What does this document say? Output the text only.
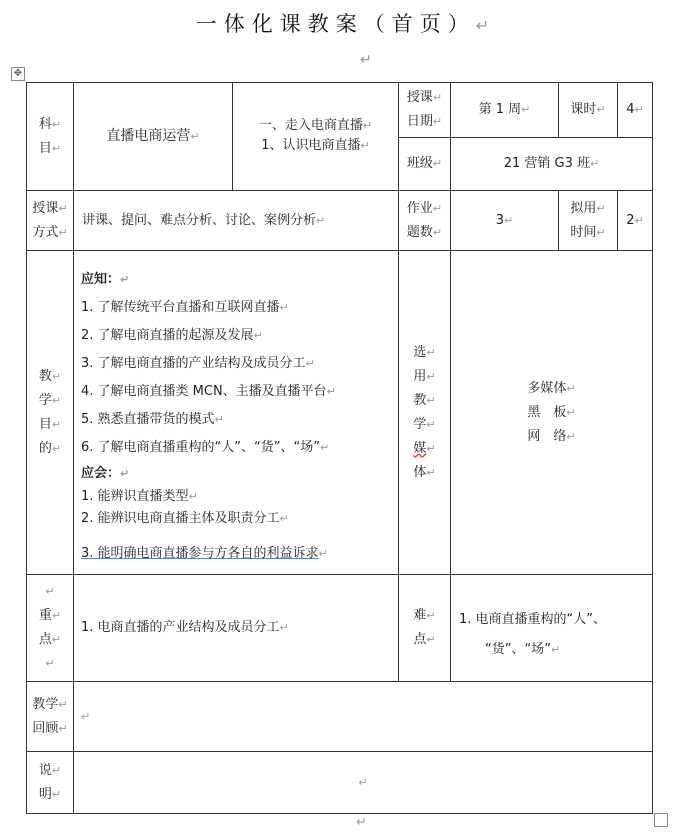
一体化课教案（首页）↵
↵
✥
科↵
目↵
直播电商运营↵
一、走入电商直播↵
1、认识电商直播↵
授课↵
日期↵
第 1 周↵	课时↵ 4↵
班级↵	21 营销 G3 班↵
授课↵
方式↵
讲课、提问、难点分析、讨论、案例分析↵
作业↵
题数↵
3↵
拟用↵
时间↵
2↵
教↵
学↵
目↵
的↵
应知：↵
1. 了解传统平台直播和互联网直播↵
2. 了解电商直播的起源及发展↵
3. 了解电商直播的产业结构及成员分工↵
4. 了解电商直播类 MCN、主播及直播平台↵
5. 熟悉直播带货的模式↵
6. 了解电商直播重构的“人”、“货”、“场”↵
应会：↵
1. 能辨识直播类型↵
2. 能辨识电商直播主体及职责分工↵
3. 能明确电商直播参与方各自的利益诉求↵
选↵
用↵
教↵
学↵
媒↵
体↵
多媒体↵
黑　板↵
网　络↵
↵
重↵
点↵
↵
1. 电商直播的产业结构及成员分工↵
难↵
点↵
1. 电商直播重构的“人”、
“货”、“场”↵
教学↵
回顾↵
↵
说↵
明↵
↵
↵
